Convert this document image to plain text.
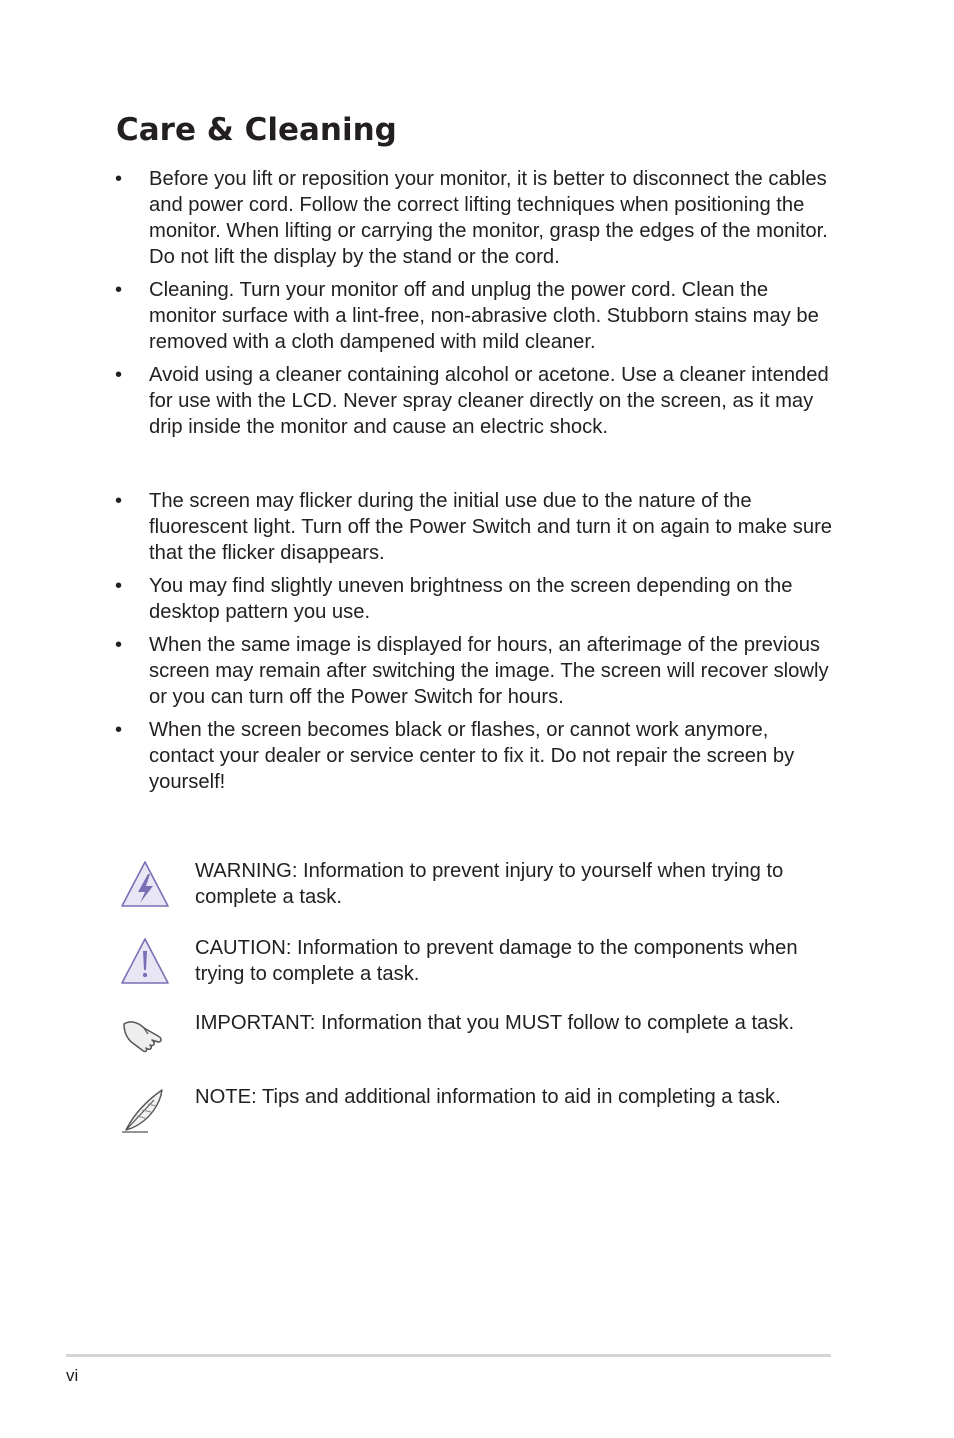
Care & Cleaning
• Before you lift or reposition your monitor, it is better to disconnect the cables and power cord. Follow the correct lifting techniques when positioning the monitor. When lifting or carrying the monitor, grasp the edges of the monitor. Do not lift the display by the stand or the cord.
• Cleaning. Turn your monitor off and unplug the power cord. Clean the monitor surface with a lint-free, non-abrasive cloth. Stubborn stains may be removed with a cloth dampened with mild cleaner.
• Avoid using a cleaner containing alcohol or acetone. Use a cleaner intended for use with the LCD. Never spray cleaner directly on the screen, as it may drip inside the monitor and cause an electric shock.
• The screen may flicker during the initial use due to the nature of the fluorescent light. Turn off the Power Switch and turn it on again to make sure that the flicker disappears.
• You may find slightly uneven brightness on the screen depending on the desktop pattern you use.
• When the same image is displayed for hours, an afterimage of the previous screen may remain after switching the image. The screen will recover slowly or you can turn off the Power Switch for hours.
• When the screen becomes black or flashes, or cannot work anymore, contact your dealer or service center to fix it. Do not repair the screen by yourself!
WARNING: Information to prevent injury to yourself when trying to complete a task.
CAUTION: Information to prevent damage to the components when trying to complete a task.
IMPORTANT: Information that you MUST follow to complete a task.
NOTE: Tips and additional information to aid in completing a task.
vi
